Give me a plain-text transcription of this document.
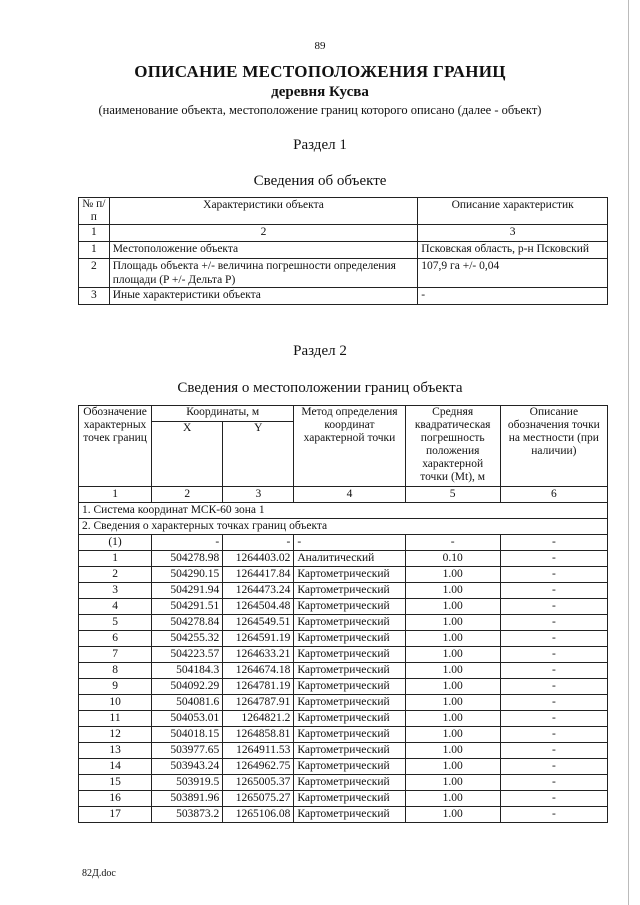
89
ОПИСАНИЕ МЕСТОПОЛОЖЕНИЯ ГРАНИЦ
деревня Кусва
(наименование объекта, местоположение границ которого описано (далее - объект)
Раздел 1
Сведения об объекте
№ п/п	Характеристики объекта	Описание характеристик
1	2	3
1	Местоположение объекта	Псковская область, р-н Псковский
2	Площадь объекта +/- величина погрешности определения площади (P +/- Дельта P)	107,9 га +/- 0,04
3	Иные характеристики объекта	-
Раздел 2
Сведения о местоположении границ объекта
Обозначение характерных точек границ	Координаты, м		Метод определения координат характерной точки	Средняя квадратическая погрешность положения характерной точки (Mt), м	Описание обозначения точки на местности (при наличии)
	X	Y			
1	2	3	4	5	6
1. Система координат МСК-60 зона 1					
2. Сведения о характерных точках границ объекта					
(1)	-	-	-	-	-
1	504278.98	1264403.02	Аналитический	0.10	-
2	504290.15	1264417.84	Картометрический	1.00	-
3	504291.94	1264473.24	Картометрический	1.00	-
4	504291.51	1264504.48	Картометрический	1.00	-
5	504278.84	1264549.51	Картометрический	1.00	-
6	504255.32	1264591.19	Картометрический	1.00	-
7	504223.57	1264633.21	Картометрический	1.00	-
8	504184.3	1264674.18	Картометрический	1.00	-
9	504092.29	1264781.19	Картометрический	1.00	-
10	504081.6	1264787.91	Картометрический	1.00	-
11	504053.01	1264821.2	Картометрический	1.00	-
12	504018.15	1264858.81	Картометрический	1.00	-
13	503977.65	1264911.53	Картометрический	1.00	-
14	503943.24	1264962.75	Картометрический	1.00	-
15	503919.5	1265005.37	Картометрический	1.00	-
16	503891.96	1265075.27	Картометрический	1.00	-
17	503873.2	1265106.08	Картометрический	1.00	-
82Д.doc
